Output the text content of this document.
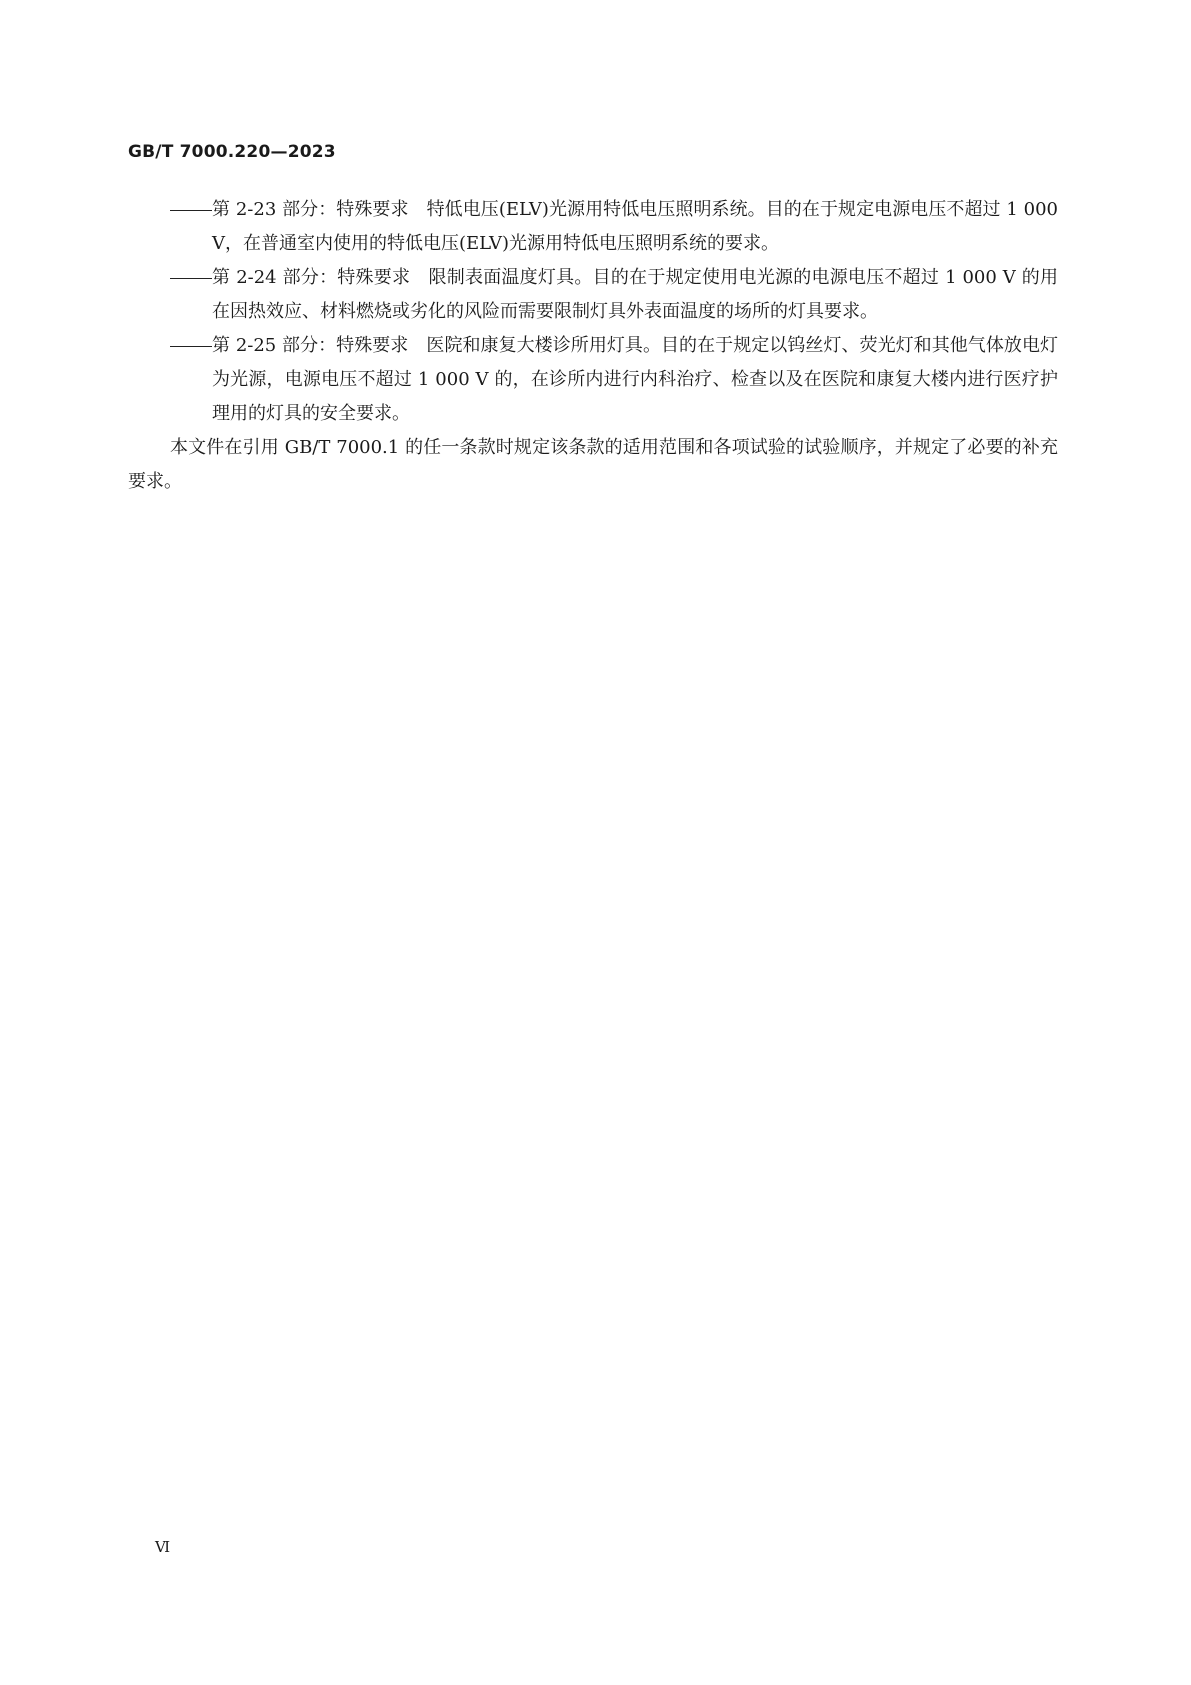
GB/T 7000.220—2023
第 2-23 部分：特殊要求　特低电压(ELV)光源用特低电压照明系统。目的在于规定电源电压不超过 1 000 V，在普通室内使用的特低电压(ELV)光源用特低电压照明系统的要求。
第 2-24 部分：特殊要求　限制表面温度灯具。目的在于规定使用电光源的电源电压不超过 1 000 V 的用在因热效应、材料燃烧或劣化的风险而需要限制灯具外表面温度的场所的灯具要求。
第 2-25 部分：特殊要求　医院和康复大楼诊所用灯具。目的在于规定以钨丝灯、荧光灯和其他气体放电灯为光源，电源电压不超过 1 000 V 的，在诊所内进行内科治疗、检查以及在医院和康复大楼内进行医疗护理用的灯具的安全要求。
本文件在引用 GB/T 7000.1 的任一条款时规定该条款的适用范围和各项试验的试验顺序，并规定了必要的补充要求。
Ⅵ
